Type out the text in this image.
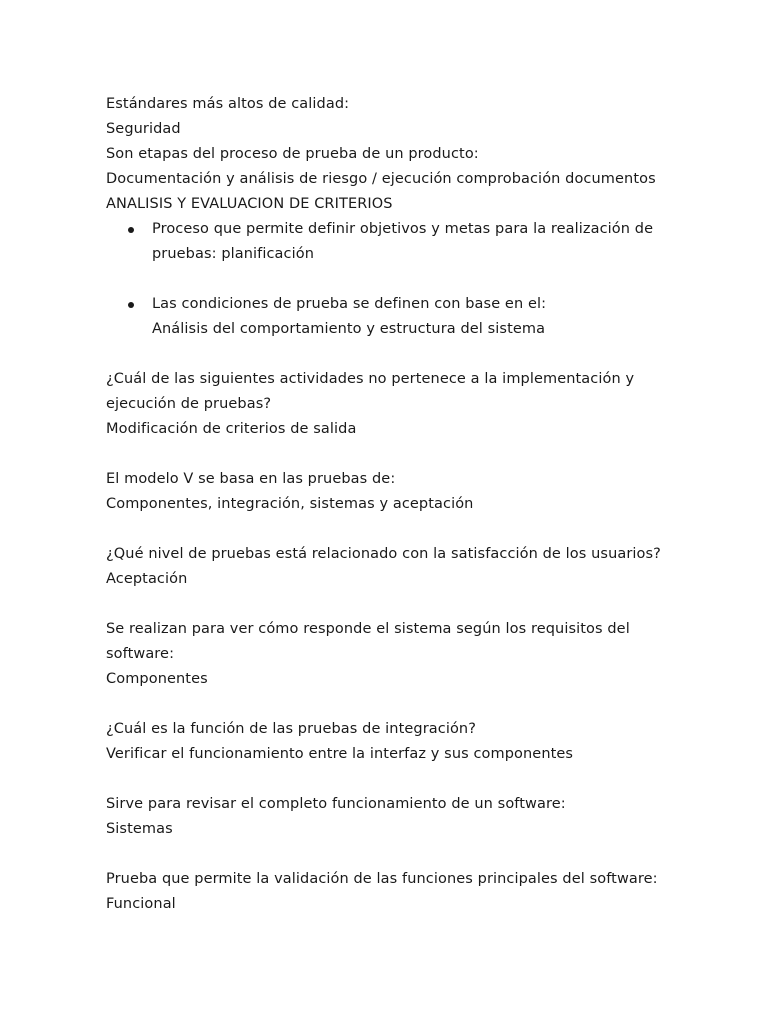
Estándares más altos de calidad:
Seguridad
Son etapas del proceso de prueba de un producto:
Documentación y análisis de riesgo / ejecución comprobación documentos
ANALISIS Y EVALUACION DE CRITERIOS
Proceso que permite definir objetivos y metas para la realización de pruebas: planificación
Las condiciones de prueba se definen con base en el:
Análisis del comportamiento y estructura del sistema
¿Cuál de las siguientes actividades no pertenece a la implementación y ejecución de pruebas?
Modificación de criterios de salida
El modelo V se basa en las pruebas de:
Componentes, integración, sistemas y aceptación
¿Qué nivel de pruebas está relacionado con la satisfacción de los usuarios?
Aceptación
Se realizan para ver cómo responde el sistema según los requisitos del software:
Componentes
¿Cuál es la función de las pruebas de integración?
Verificar el funcionamiento entre la interfaz y sus componentes
Sirve para revisar el completo funcionamiento de un software:
Sistemas
Prueba que permite la validación de las funciones principales del software:
Funcional
